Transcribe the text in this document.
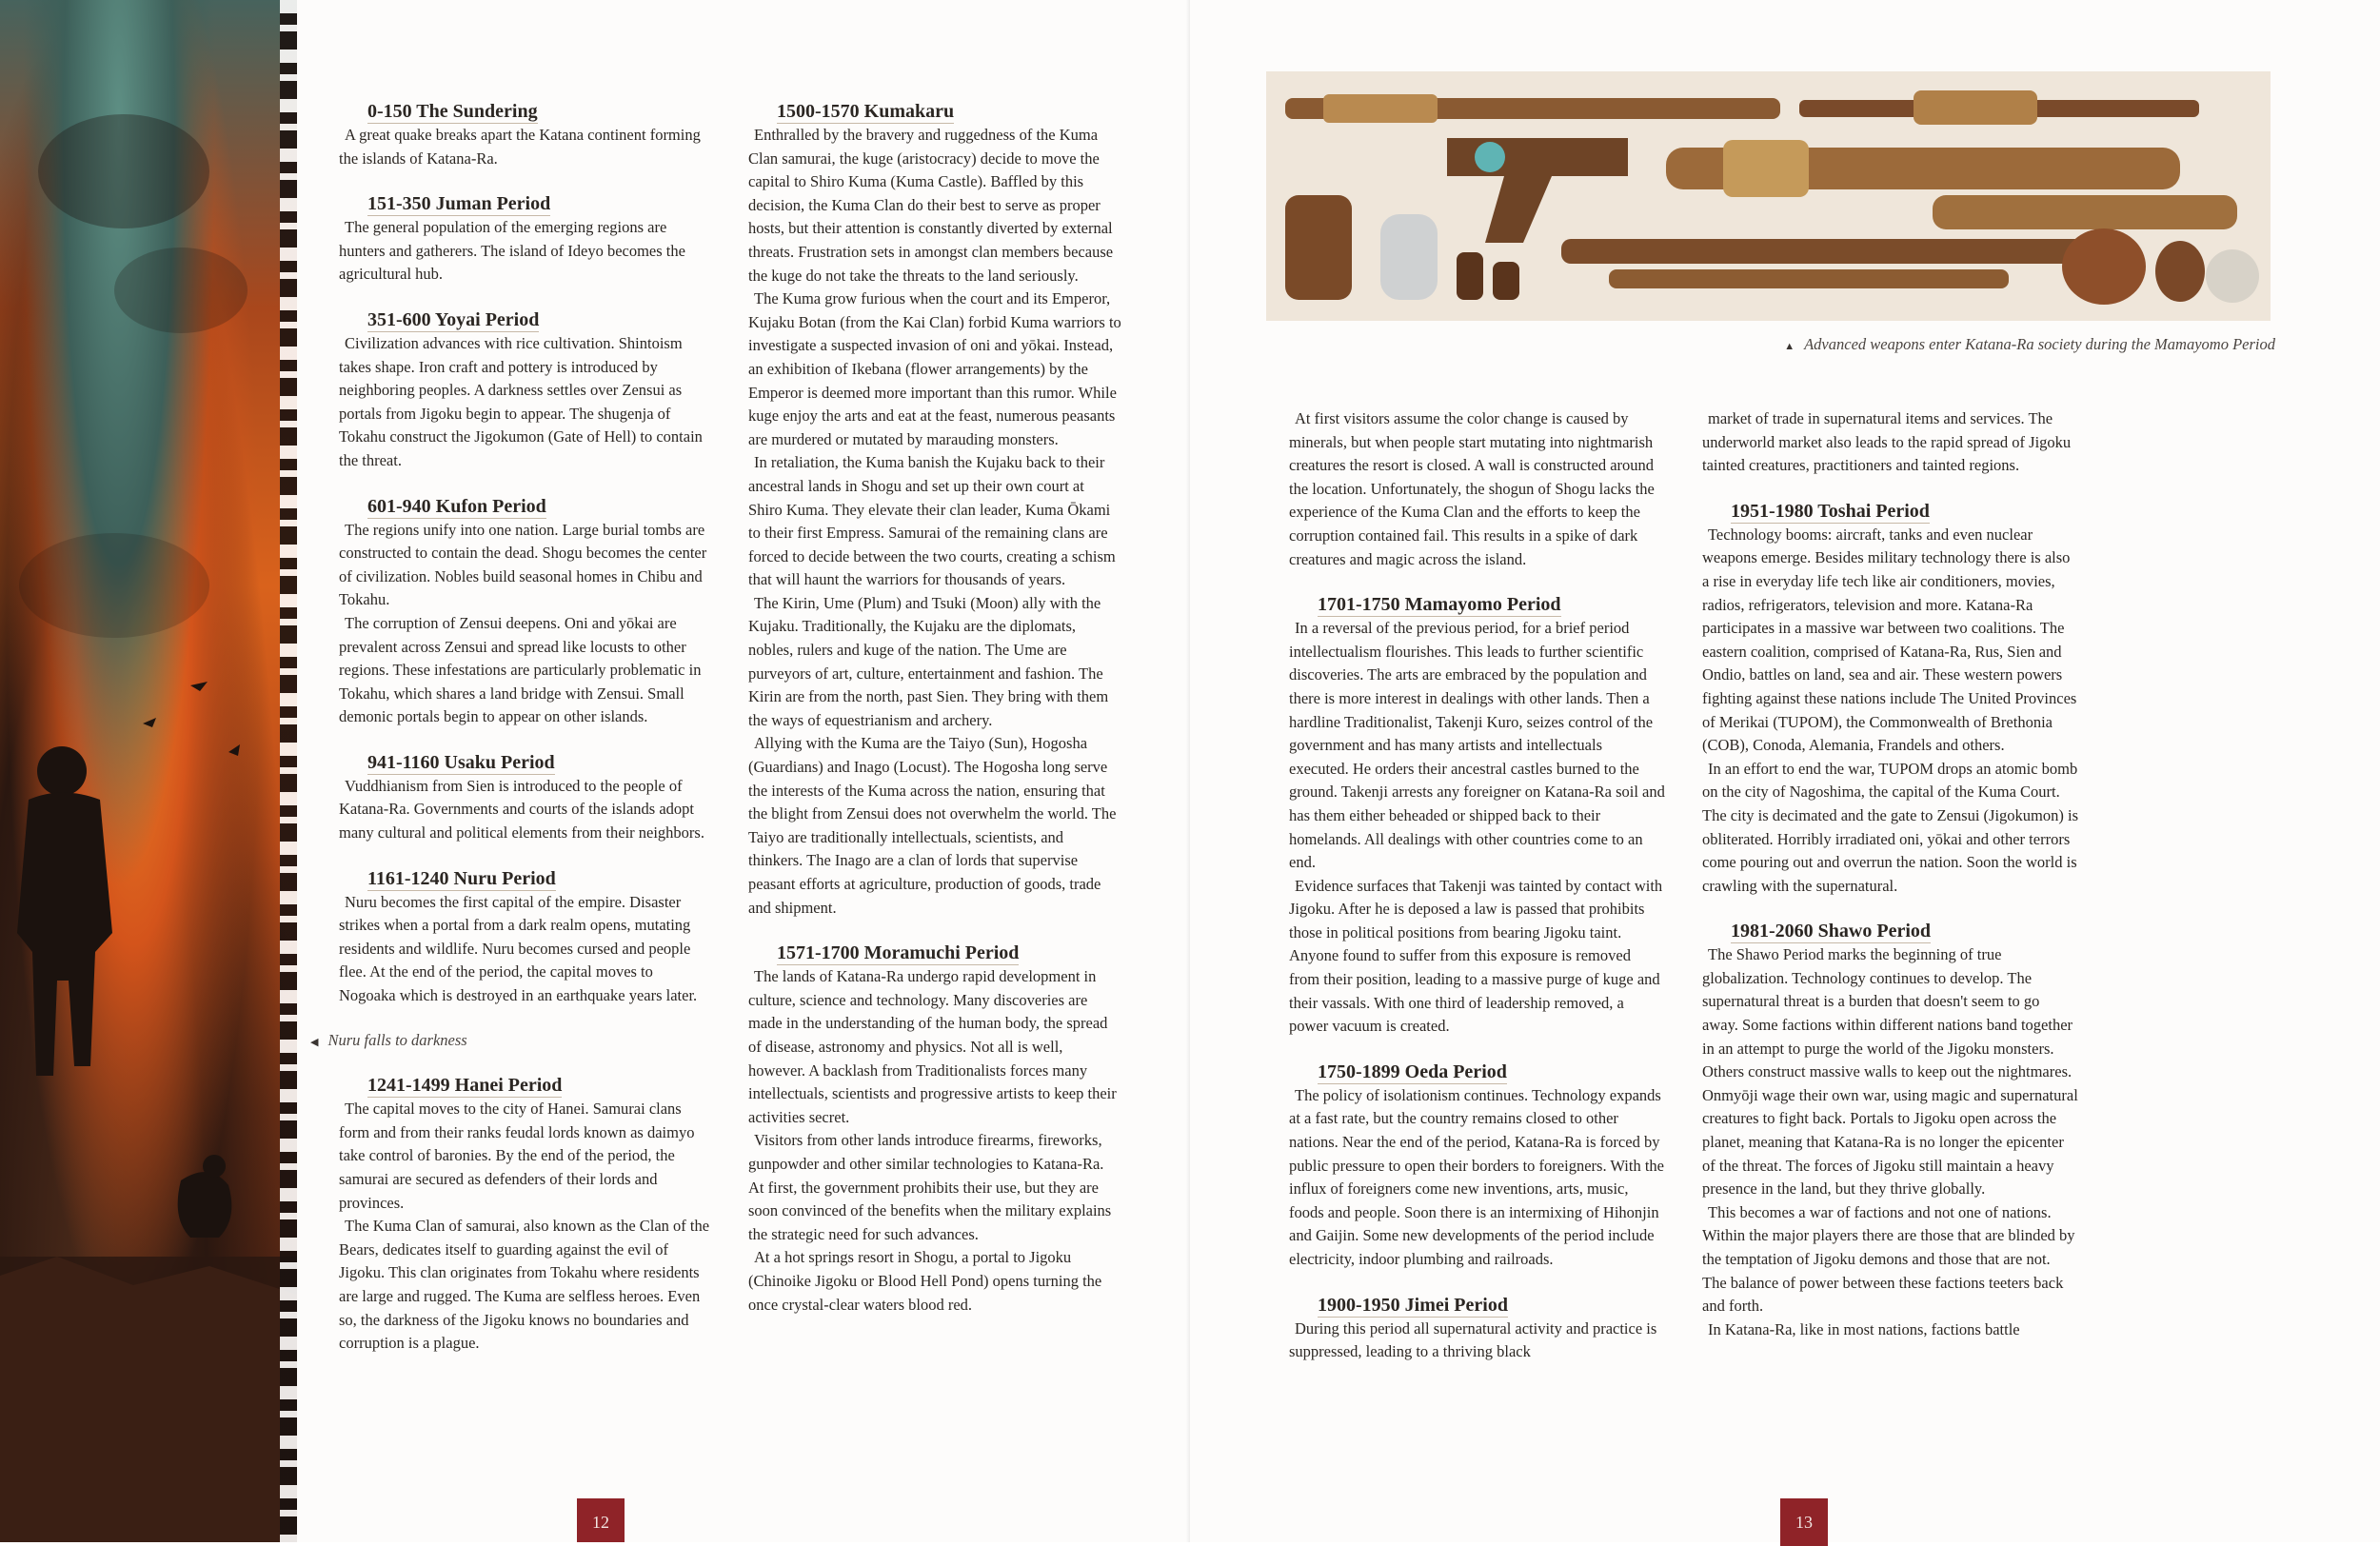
0-150 The Sundering

A great quake breaks apart the Katana continent forming the islands of Katana-Ra.

151-350 Juman Period

The general population of the emerging regions are hunters and gatherers. The island of Ideyo becomes the agricultural hub.

351-600 Yoyai Period

Civilization advances with rice cultivation. Shintoism takes shape. Iron craft and pottery is introduced by neighboring peoples. A darkness settles over Zensui as portals from Jigoku begin to appear. The shugenja of Tokahu construct the Jigokumon (Gate of Hell) to contain the threat.

601-940 Kufon Period

The regions unify into one nation. Large burial tombs are constructed to contain the dead. Shogu becomes the center of civilization. Nobles build seasonal homes in Chibu and Tokahu.

The corruption of Zensui deepens. Oni and yōkai are prevalent across Zensui and spread like locusts to other regions. These infestations are particularly problematic in Tokahu, which shares a land bridge with Zensui. Small demonic portals begin to appear on other islands.

941-1160 Usaku Period

Vuddhianism from Sien is introduced to the people of Katana-Ra. Governments and courts of the islands adopt many cultural and political elements from their neighbors.

1161-1240 Nuru Period

Nuru becomes the first capital of the empire. Disaster strikes when a portal from a dark realm opens, mutating residents and wildlife. Nuru becomes cursed and people flee. At the end of the period, the capital moves to Nogoaka which is destroyed in an earthquake years later.

◀ Nuru falls to darkness
1241-1499 Hanei Period

The capital moves to the city of Hanei. Samurai clans form and from their ranks feudal lords known as daimyo take control of baronies. By the end of the period, the samurai are secured as defenders of their lords and provinces.

The Kuma Clan of samurai, also known as the Clan of the Bears, dedicates itself to guarding against the evil of Jigoku. This clan originates from Tokahu where residents are large and rugged. The Kuma are selfless heroes. Even so, the darkness of the Jigoku knows no boundaries and corruption is a plague.

1500-1570 Kumakaru

Enthralled by the bravery and ruggedness of the Kuma Clan samurai, the kuge (aristocracy) decide to move the capital to Shiro Kuma (Kuma Castle). Baffled by this decision, the Kuma Clan do their best to serve as proper hosts, but their attention is constantly diverted by external threats. Frustration sets in amongst clan members because the kuge do not take the threats to the land seriously.

The Kuma grow furious when the court and its Emperor, Kujaku Botan (from the Kai Clan) forbid Kuma warriors to investigate a suspected invasion of oni and yōkai. Instead, an exhibition of Ikebana (flower arrangements) by the Emperor is deemed more important than this rumor. While kuge enjoy the arts and eat at the feast, numerous peasants are murdered or mutated by marauding monsters.

In retaliation, the Kuma banish the Kujaku back to their ancestral lands in Shogu and set up their own court at Shiro Kuma. They elevate their clan leader, Kuma Ōkami to their first Empress. Samurai of the remaining clans are forced to decide between the two courts, creating a schism that will haunt the warriors for thousands of years.

The Kirin, Ume (Plum) and Tsuki (Moon) ally with the Kujaku. Traditionally, the Kujaku are the diplomats, nobles, rulers and kuge of the nation. The Ume are purveyors of art, culture, entertainment and fashion. The Kirin are from the north, past Sien. They bring with them the ways of equestrianism and archery.

Allying with the Kuma are the Taiyo (Sun), Hogosha (Guardians) and Inago (Locust). The Hogosha long serve the interests of the Kuma across the nation, ensuring that the blight from Zensui does not overwhelm the world. The Taiyo are traditionally intellectuals, scientists, and thinkers. The Inago are a clan of lords that supervise peasant efforts at agriculture, production of goods, trade and shipment.

1571-1700 Moramuchi Period

The lands of Katana-Ra undergo rapid development in culture, science and technology. Many discoveries are made in the understanding of the human body, the spread of disease, astronomy and physics. Not all is well, however. A backlash from Traditionalists forces many intellectuals, scientists and progressive artists to keep their activities secret.

Visitors from other lands introduce firearms, fireworks, gunpowder and other similar technologies to Katana-Ra. At first, the government prohibits their use, but they are soon convinced of the benefits when the military explains the strategic need for such advances.

At a hot springs resort in Shogu, a portal to Jigoku (Chinoike Jigoku or Blood Hell Pond) opens turning the once crystal-clear waters blood red.

12
▲ Advanced weapons enter Katana-Ra society during the Mamayomo Period

At first visitors assume the color change is caused by minerals, but when people start mutating into nightmarish creatures the resort is closed. A wall is constructed around the location. Unfortunately, the shogun of Shogu lacks the experience of the Kuma Clan and the efforts to keep the corruption contained fail. This results in a spike of dark creatures and magic across the island.

1701-1750 Mamayomo Period

In a reversal of the previous period, for a brief period intellectualism flourishes. This leads to further scientific discoveries. The arts are embraced by the population and there is more interest in dealings with other lands. Then a hardline Traditionalist, Takenji Kuro, seizes control of the government and has many artists and intellectuals executed. He orders their ancestral castles burned to the ground. Takenji arrests any foreigner on Katana-Ra soil and has them either beheaded or shipped back to their homelands. All dealings with other countries come to an end.

Evidence surfaces that Takenji was tainted by contact with Jigoku. After he is deposed a law is passed that prohibits those in political positions from bearing Jigoku taint. Anyone found to suffer from this exposure is removed from their position, leading to a massive purge of kuge and their vassals. With one third of leadership removed, a power vacuum is created.

1750-1899 Oeda Period

The policy of isolationism continues. Technology expands at a fast rate, but the country remains closed to other nations. Near the end of the period, Katana-Ra is forced by public pressure to open their borders to foreigners. With the influx of foreigners come new inventions, arts, music, foods and people. Soon there is an intermixing of Hihonjin and Gaijin. Some new developments of the period include electricity, indoor plumbing and railroads.

1900-1950 Jimei Period

During this period all supernatural activity and practice is suppressed, leading to a thriving black

market of trade in supernatural items and services. The underworld market also leads to the rapid spread of Jigoku tainted creatures, practitioners and tainted regions.

1951-1980 Toshai Period

Technology booms: aircraft, tanks and even nuclear weapons emerge. Besides military technology there is also a rise in everyday life tech like air conditioners, movies, radios, refrigerators, television and more. Katana-Ra participates in a massive war between two coalitions. The eastern coalition, comprised of Katana-Ra, Rus, Sien and Ondio, battles on land, sea and air. These western powers fighting against these nations include The United Provinces of Merikai (TUPOM), the Commonwealth of Brethonia (COB), Conoda, Alemania, Frandels and others.

In an effort to end the war, TUPOM drops an atomic bomb on the city of Nagoshima, the capital of the Kuma Court. The city is decimated and the gate to Zensui (Jigokumon) is obliterated. Horribly irradiated oni, yōkai and other terrors come pouring out and overrun the nation. Soon the world is crawling with the supernatural.

1981-2060 Shawo Period

The Shawo Period marks the beginning of true globalization. Technology continues to develop. The supernatural threat is a burden that doesn't seem to go away. Some factions within different nations band together in an attempt to purge the world of the Jigoku monsters. Others construct massive walls to keep out the nightmares. Onmyōji wage their own war, using magic and supernatural creatures to fight back. Portals to Jigoku open across the planet, meaning that Katana-Ra is no longer the epicenter of the threat. The forces of Jigoku still maintain a heavy presence in the land, but they thrive globally.

This becomes a war of factions and not one of nations. Within the major players there are those that are blinded by the temptation of Jigoku demons and those that are not. The balance of power between these factions teeters back and forth.

In Katana-Ra, like in most nations, factions battle

13
